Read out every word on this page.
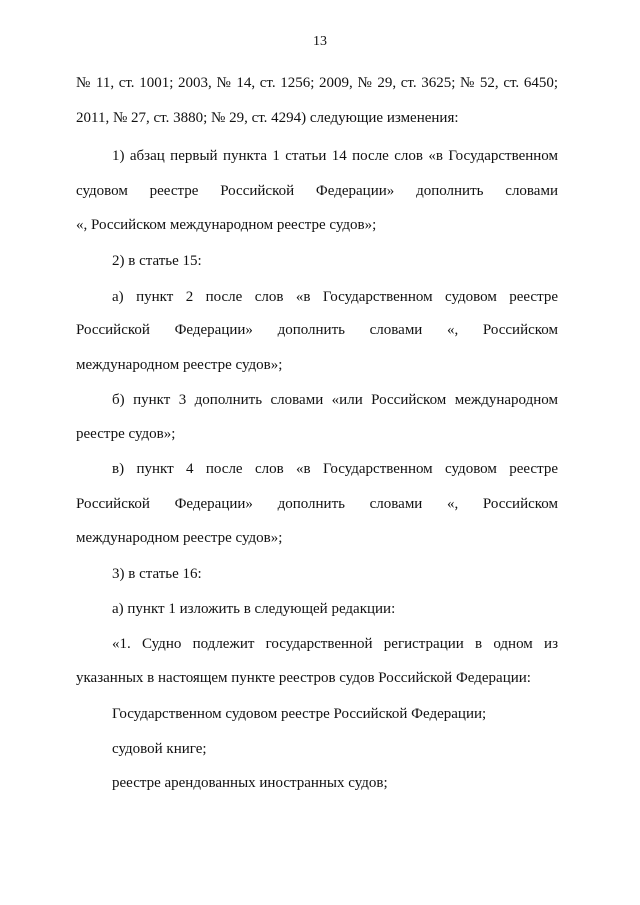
13
№ 11, ст. 1001; 2003, № 14, ст. 1256; 2009, № 29, ст. 3625; № 52, ст. 6450;
2011, № 27, ст. 3880; № 29, ст. 4294) следующие изменения:
1) абзац первый пункта 1 статьи 14 после слов «в Государственном
судовом реестре Российской Федерации» дополнить словами
«, Российском международном реестре судов»;
2) в статье 15:
а) пункт 2 после слов «в Государственном судовом реестре
Российской Федерации» дополнить словами «, Российском
международном реестре судов»;
б) пункт 3 дополнить словами «или Российском международном
реестре судов»;
в) пункт 4 после слов «в Государственном судовом реестре
Российской Федерации» дополнить словами «, Российском
международном реестре судов»;
3) в статье 16:
а) пункт 1 изложить в следующей редакции:
«1. Судно подлежит государственной регистрации в одном из
указанных в настоящем пункте реестров судов Российской Федерации:
Государственном судовом реестре Российской Федерации;
судовой книге;
реестре арендованных иностранных судов;
